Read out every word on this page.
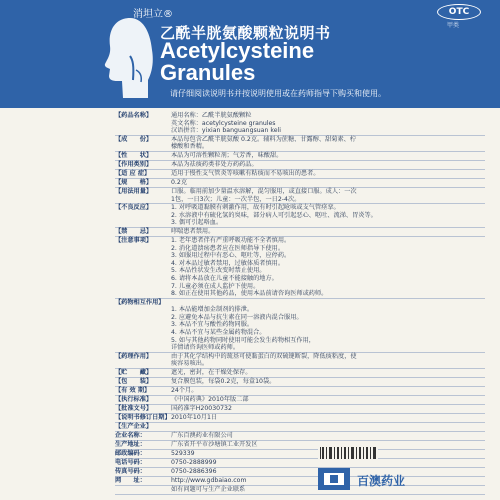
消坦立®	OTC
甲类
乙酰半胱氨酸颗粒说明书
Acetylcysteine
Granules
请仔细阅读说明书并按说明使用或在药师指导下购买和使用。
【药品名称】	通用名称：乙酰半胱氨酸颗粒
英文名称：acetylcysteine granules
汉语拼音：yixian banguangsuan keli
【成　　份】	本品每包含乙酰半胱氨酸 0.2克。辅料为蔗糖、甘露醇、甜菊素、柠
檬酸和香精。
【性　　状】	本品为可溶性颗粒剂；气芳香，味酸甜。
【作用类别】	本品为祛痰药类非处方药药品。
【适 应 症】	适用于慢性支气管炎等咳嗽有粘痰而不易咳出的患者。
【规　　格】	0.2克
【用法用量】	口服。临用前加少量温水溶解，混匀服用，或直接口服。成人：一次
1包，一日3次；儿童：一次半包，一日2-4次。
【不良反应】	1. 对呼吸道黏膜有刺激作用，故有时引起呛咳或支气管痉挛。
2. 水溶液中有硫化氢的臭味，部分病人可引起恶心、呕吐、流涕、胃炎等。
3. 偶可引起咯血。
【禁　　忌】	哮喘患者禁用。
【注意事项】	1. 老年患者伴有严重呼吸功能不全者慎用。
2. 消化道溃疡患者应在医师指导下使用。
3. 如服用过程中有恶心、呕吐等，应停药。
4. 对本品过敏者禁用，过敏体质者慎用。
5. 本品性状发生改变时禁止使用。
6. 请将本品放在儿童不能接触的地方。
7. 儿童必须在成人监护下使用。
8. 如正在使用其他药品，使用本品前请咨询医师或药师。
【药物相互作用】

1. 本品能增加金制剂的排泄。
2. 应避免本品与抗生素在同一溶液内混合服用。
3. 本品不宜与酸性药物同服。
4. 本品不宜与某些金属药物混合。
5. 如与其他药物同时使用可能会发生药物相互作用，
详情请咨询医师或药师。
【药理作用】	由于其化学结构中的巯基可使黏蛋白的双硫键断裂，降低痰粘度，使
痰容易咳出。
【贮　　藏】	遮光，密封，在干燥处保存。
【包　　装】	复合膜包装，每袋0.2克，每盒10袋。
【有 效 期】	24个月。
【执行标准】	《中国药典》2010年版二部
【批准文号】	国药准字H20030732
【说明书修订日期】 2010年10月1日
【生产企业】

企业名称：	广东百澳药业有限公司
生产地址：	广东省开平市沙塘镇工业开发区
邮政编码：	529339
电话号码：	0750-2888999
传真号码：	0750-2886396
网　　址：	http://www.gdbaiao.com
如有问题可与生产企业联系
百澳药业
